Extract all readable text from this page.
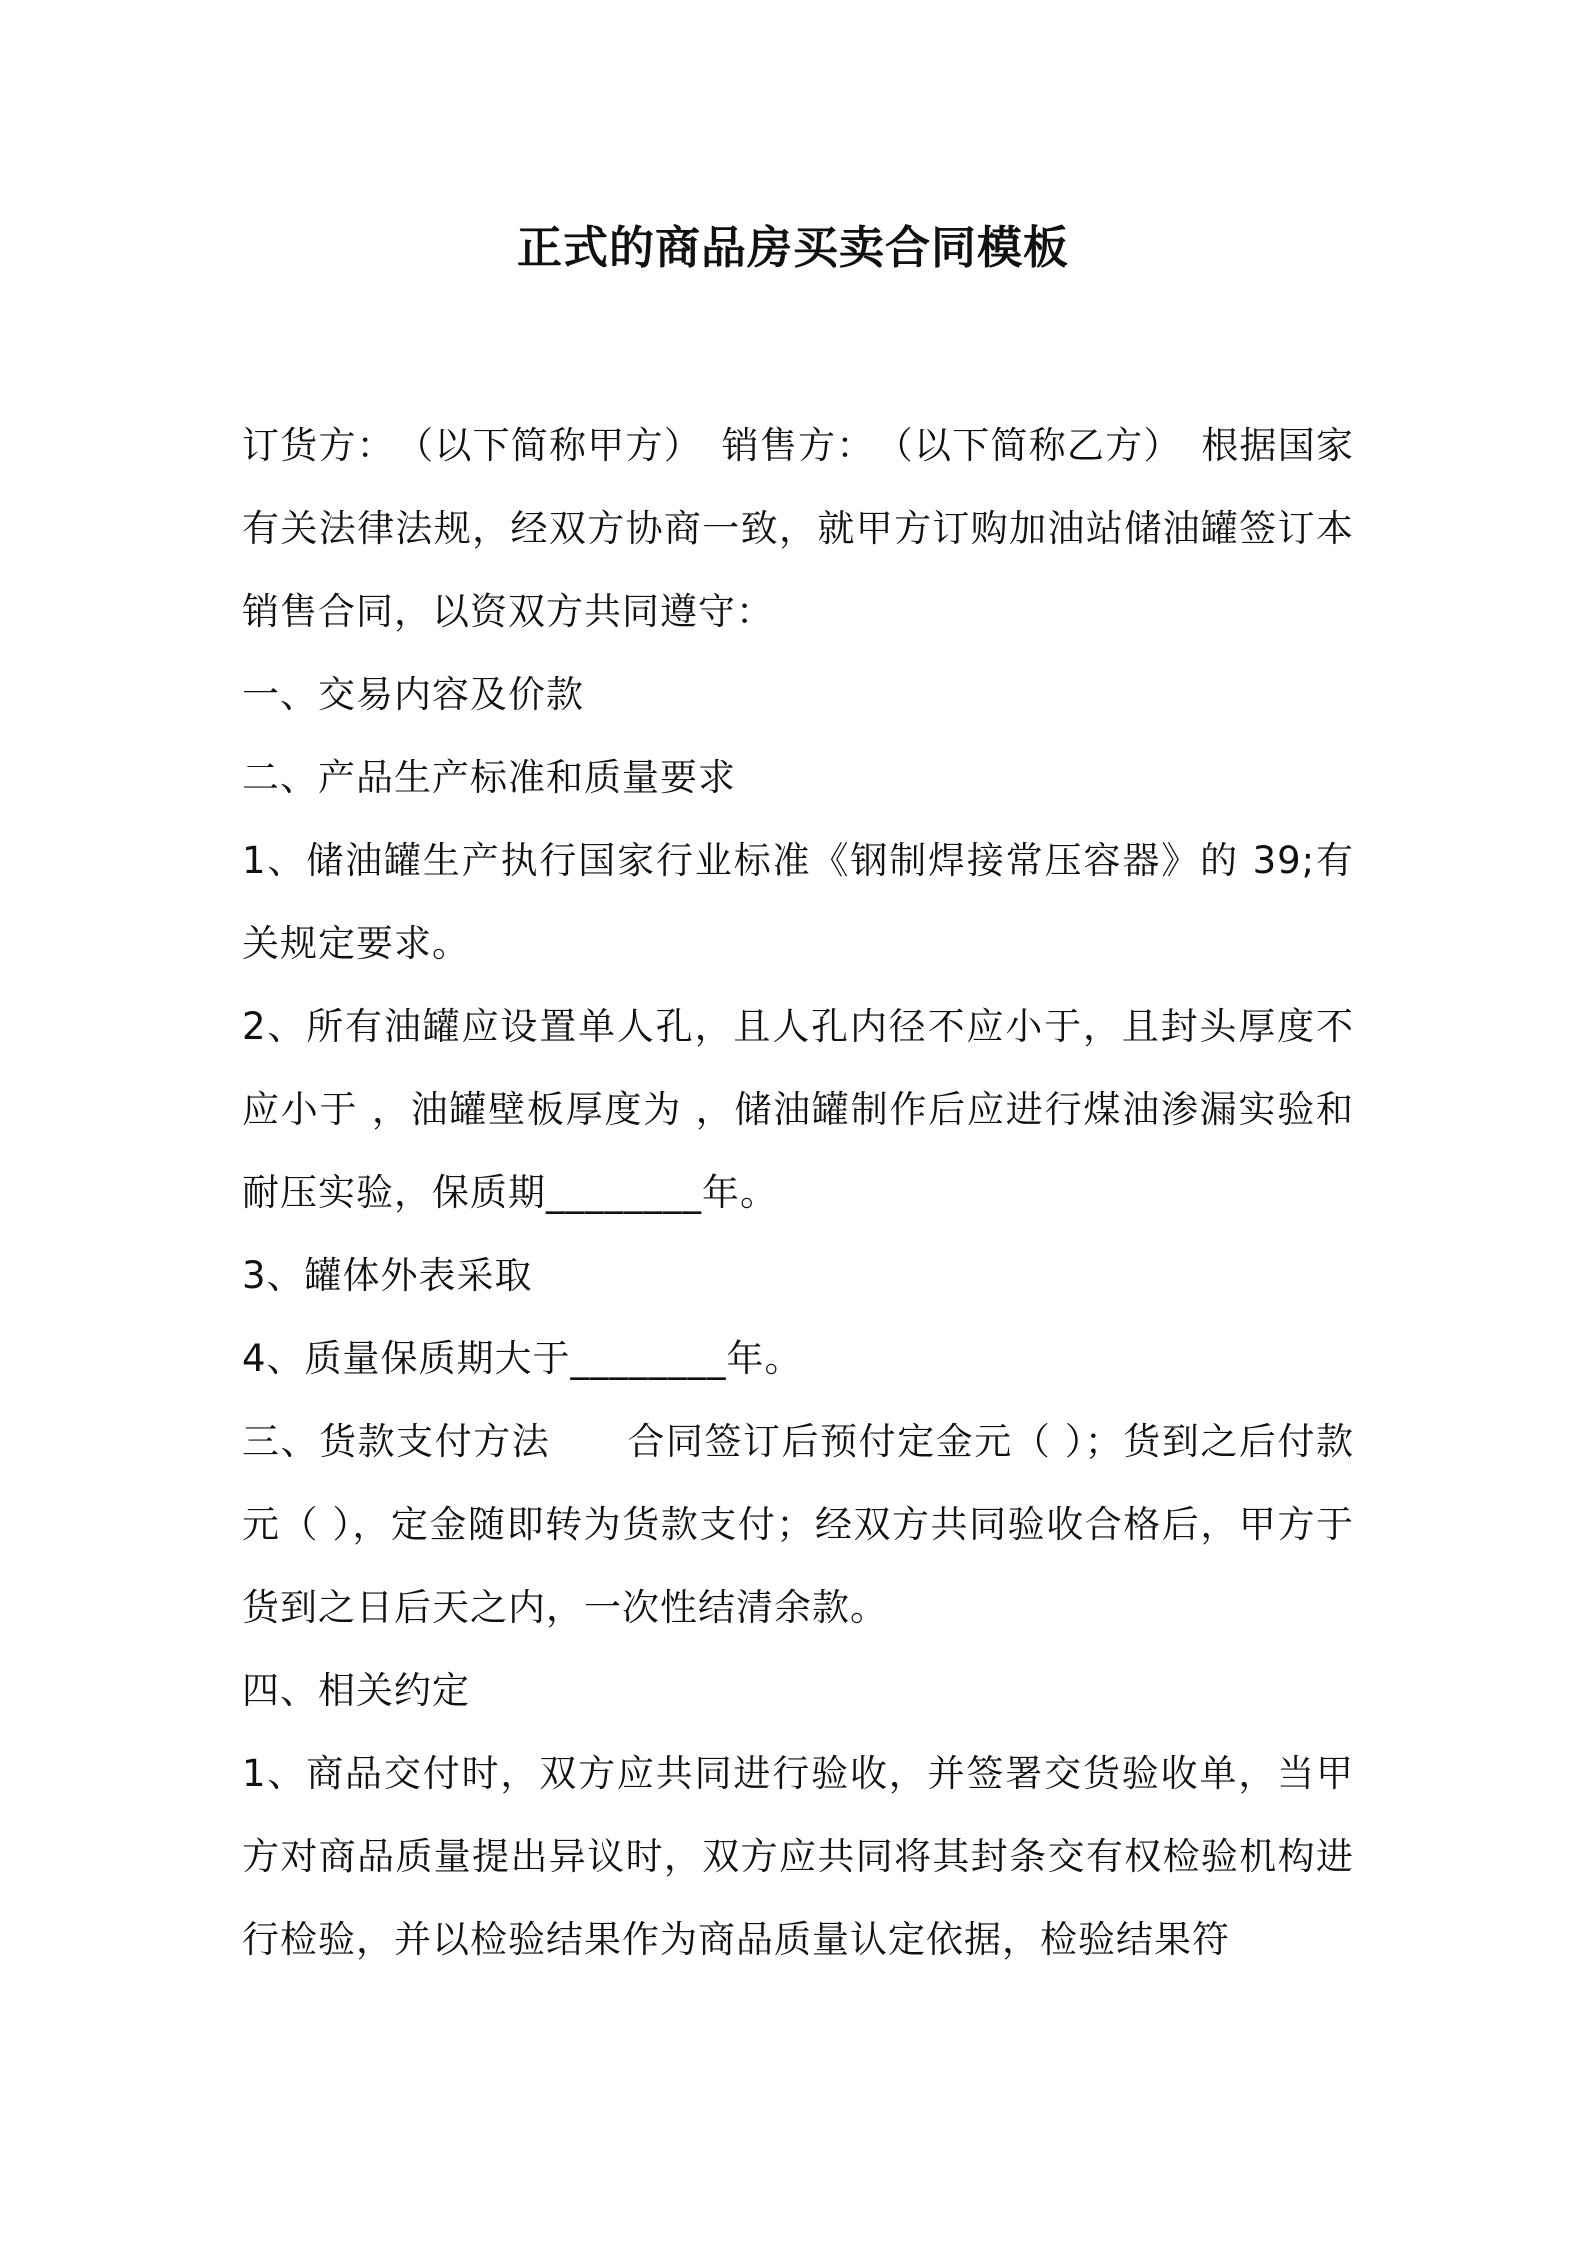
正式的商品房买卖合同模板

订货方：　（以下简称甲方）　销售方：　（以下简称乙方）　根据国家有关法律法规，经双方协商一致，就甲方订购加油站储油罐签订本销售合同，以资双方共同遵守：

一、交易内容及价款

二、产品生产标准和质量要求

1、储油罐生产执行国家行业标准《钢制焊接常压容器》的 39;有关规定要求。

2、所有油罐应设置单人孔，且人孔内径不应小于，且封头厚度不应小于 ，油罐壁板厚度为 ，储油罐制作后应进行煤油渗漏实验和耐压实验，保质期________年。

3、罐体外表采取

4、质量保质期大于________年。

三、货款支付方法　　合同签订后预付定金元（ ）；货到之后付款 元（ ），定金随即转为货款支付；经双方共同验收合格后，甲方于货到之日后天之内，一次性结清余款。

四、相关约定

1、商品交付时，双方应共同进行验收，并签署交货验收单，当甲方对商品质量提出异议时，双方应共同将其封条交有权检验机构进行检验，并以检验结果作为商品质量认定依据，检验结果符
